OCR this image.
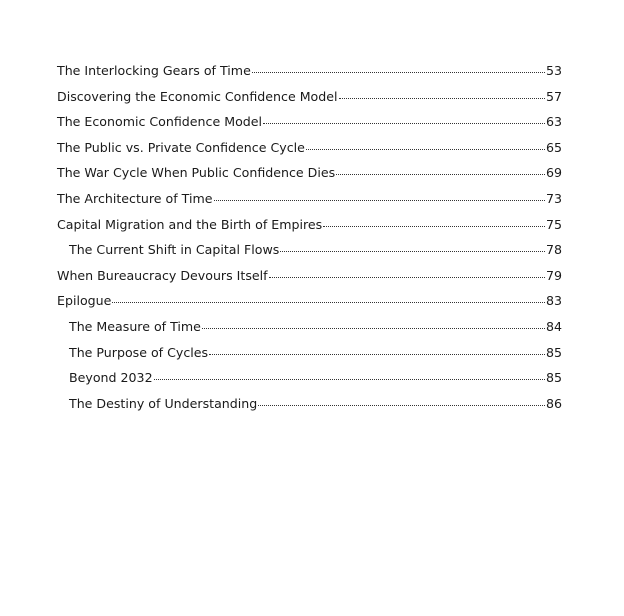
The Interlocking Gears of Time	53
Discovering the Economic Confidence Model	57
The Economic Confidence Model	63
The Public vs. Private Confidence Cycle	65
The War Cycle When Public Confidence Dies	69
The Architecture of Time	73
Capital Migration and the Birth of Empires	75
The Current Shift in Capital Flows	78
When Bureaucracy Devours Itself	79
Epilogue	83
The Measure of Time	84
The Purpose of Cycles	85
Beyond 2032	85
The Destiny of Understanding	86
